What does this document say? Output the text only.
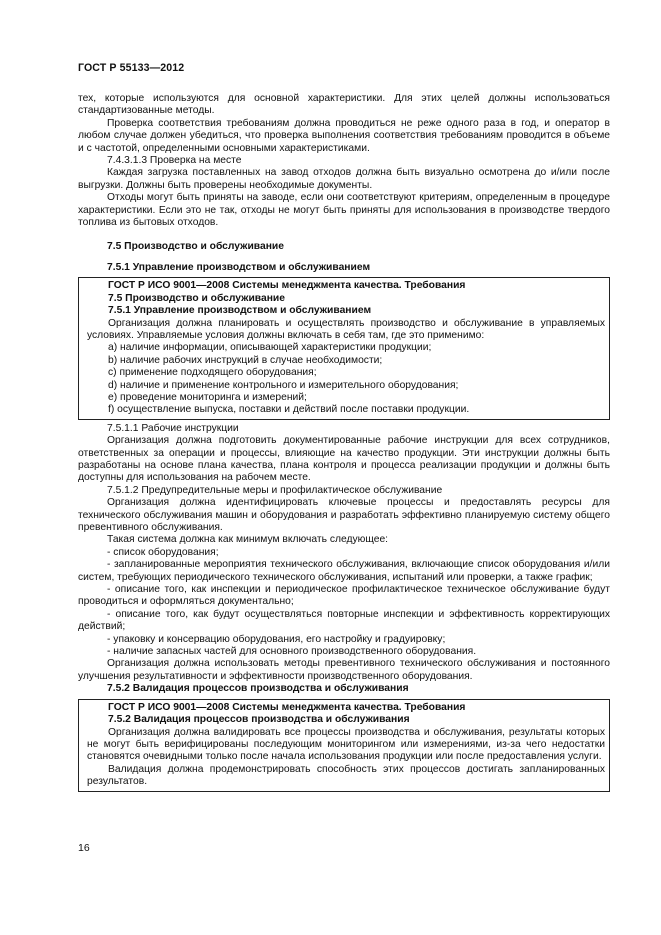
ГОСТ Р 55133—2012

тех, которые используются для основной характеристики. Для этих целей должны использоваться стандартизованные методы.

Проверка соответствия требованиям должна проводиться не реже одного раза в год, и оператор в любом случае должен убедиться, что проверка выполнения соответствия требованиям проводится в объеме и с частотой, определенными основными характеристиками.

7.4.3.1.3 Проверка на месте

Каждая загрузка поставленных на завод отходов должна быть визуально осмотрена до и/или после выгрузки. Должны быть проверены необходимые документы.

Отходы могут быть приняты на заводе, если они соответствуют критериям, определенным в процедуре характеристики. Если это не так, отходы не могут быть приняты для использования в производстве твердого топлива из бытовых отходов.

7.5 Производство и обслуживание

7.5.1 Управление производством и обслуживанием

ГОСТ Р ИСО 9001—2008 Системы менеджмента качества. Требования

7.5 Производство и обслуживание

7.5.1 Управление производством и обслуживанием

Организация должна планировать и осуществлять производство и обслуживание в управляемых условиях. Управляемые условия должны включать в себя там, где это применимо:

a) наличие информации, описывающей характеристики продукции;

b) наличие рабочих инструкций в случае необходимости;

c) применение подходящего оборудования;

d) наличие и применение контрольного и измерительного оборудования;

e) проведение мониторинга и измерений;

f) осуществление выпуска, поставки и действий после поставки продукции.

7.5.1.1 Рабочие инструкции

Организация должна подготовить документированные рабочие инструкции для всех сотрудников, ответственных за операции и процессы, влияющие на качество продукции. Эти инструкции должны быть разработаны на основе плана качества, плана контроля и процесса реализации продукции и должны быть доступны для использования на рабочем месте.

7.5.1.2 Предупредительные меры и профилактическое обслуживание

Организация должна идентифицировать ключевые процессы и предоставлять ресурсы для технического обслуживания машин и оборудования и разработать эффективно планируемую систему общего превентивного обслуживания.

Такая система должна как минимум включать следующее:

- список оборудования;

- запланированные мероприятия технического обслуживания, включающие список оборудования и/или систем, требующих периодического технического обслуживания, испытаний или проверки, а также график;

- описание того, как инспекции и периодическое профилактическое техническое обслуживание будут проводиться и оформляться документально;

- описание того, как будут осуществляться повторные инспекции и эффективность корректирующих действий;

- упаковку и консервацию оборудования, его настройку и градуировку;

- наличие запасных частей для основного производственного оборудования.

Организация должна использовать методы превентивного технического обслуживания и постоянного улучшения результативности и эффективности производственного оборудования.

7.5.2 Валидация процессов производства и обслуживания

ГОСТ Р ИСО 9001—2008 Системы менеджмента качества. Требования

7.5.2 Валидация процессов производства и обслуживания

Организация должна валидировать все процессы производства и обслуживания, результаты которых не могут быть верифицированы последующим мониторингом или измерениями, из-за чего недостатки становятся очевидными только после начала использования продукции или после предоставления услуги.

Валидация должна продемонстрировать способность этих процессов достигать запланированных результатов.

16
